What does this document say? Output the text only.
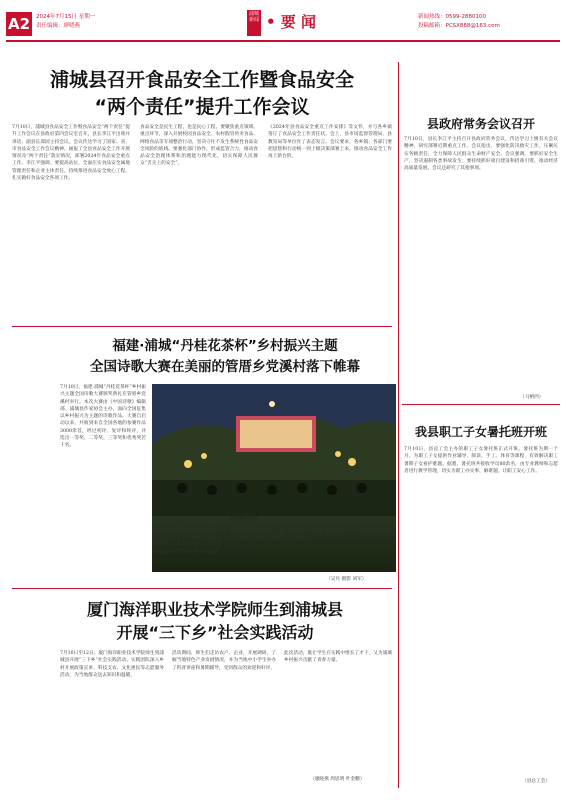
A2	2024年7月15日 星期一
责任编辑：廖晓燕
浦城新闻 • 要 闻	新闻热线：0599-2880100
投稿邮箱：PCSX888@163.com
浦城县召开食品安全工作暨食品安全
“两个责任”提升工作会议
7月10日，浦城县食品安全工作暨食品安全“两个责任”提升工作会议在县政府第四会议室召开。县长李江平出席并讲话，副县长邱园主持会议。会议传达学习了国家、省、市食品安全工作会议精神，通报了全县食品安全工作开展情况及“两个责任”落实情况，部署2024年食品安全重点工作。李江平强调，要提高站位，全面压实食品安全属地管理责任和企业主体责任，持续推进食品安全放心工程，扎实做好食品安全各项工作。
食品安全是民生工程，也是民心工程。要聚焦重点领域、重点环节，深入开展校园食品安全、农村假冒伪劣食品、网络食品等专项整治行动，坚决守住不发生系统性食品安全风险的底线。要强化部门协作，形成监管合力，推动食品安全治理体系和治理能力现代化，切实保障人民群众“舌尖上的安全”。
《2024年县食品安全重点工作安排》等文件，并与各乡镇签订了食品安全工作责任状。会上，县市场监督管理局、县教育局等单位作了表态发言。会议要求，各乡镇、各部门要把思想和行动统一到上级决策部署上来，推动食品安全工作再上新台阶。
县政府常务会议召开
7月10日，县长李江平主持召开县政府常务会议，传达学习上级有关会议精神，研究部署近期重点工作。会议指出，要强化防汛救灾工作，压紧压实各级责任，全力保障人民群众生命财产安全。会议强调，要抓好安全生产，坚决遏制各类事故发生；要持续抓好项目建设和招商引资，推动经济高质量发展。会议还研究了其他事项。
（马榕西）
我县职工子女暑托班开班
7月10日，县总工会主办的职工子女暑托班正式开班。暑托班为期一个月，为职工子女提供作业辅导、阅读、手工、体育等课程，有效解决职工暑期子女看护难题。据悉，暑托班共接收学员80余名，由专业教师和志愿者进行教学管理，切实为职工办实事、解难题，让职工安心工作。
（县总工会）
福建·浦城“丹桂花茶杯”乡村振兴主题
全国诗歌大赛在美丽的管厝乡党溪村落下帷幕
7月10日，福建·浦城“丹桂花茶杯”乡村振兴主题全国诗歌大赛颁奖典礼在管厝乡党溪村举行。本次大赛由《中国诗歌》编辑部、浦城县作家协会主办，面向全国征集以乡村振兴为主题的诗歌作品。大赛自启动以来，共收到来自全国各地的参赛作品3000余首，经过初评、复评和终评，评选出一等奖、二等奖、三等奖和优秀奖若干名。
颁奖典礼上，与会嘉宾为获奖作者颁发了证书和奖金。活动期间，诗人们还深入管厝乡开展采风活动，用诗歌记录乡村振兴的生动实践，展现浦城的秀美山水和人文底蕴。
颁奖典礼现场
此次大赛的成功举办，进一步提升了浦城的文化影响力，为推动乡村文化振兴、促进文旅融合发展注入了新的活力。
（吴丹 摄影 刘军）
厦门海洋职业技术学院师生到浦城县
开展“三下乡”社会实践活动
7月10日至12日，厦门海洋职业技术学院师生到浦城县开展“三下乡”社会实践活动。实践团队深入乡村开展政策宣讲、科技支农、文化惠民等志愿服务活动，为当地群众送去知识和温暖。
活动期间，师生们走访农户、企业，开展调研，了解当地特色产业发展情况，并为当地中小学生举办了科普讲座和暑期辅导，受到群众的欢迎和好评。
此次活动，既让学生在实践中增长了才干，又为浦城乡村振兴贡献了青春力量。
（廖晓燕 周思明 叶金鹏）
